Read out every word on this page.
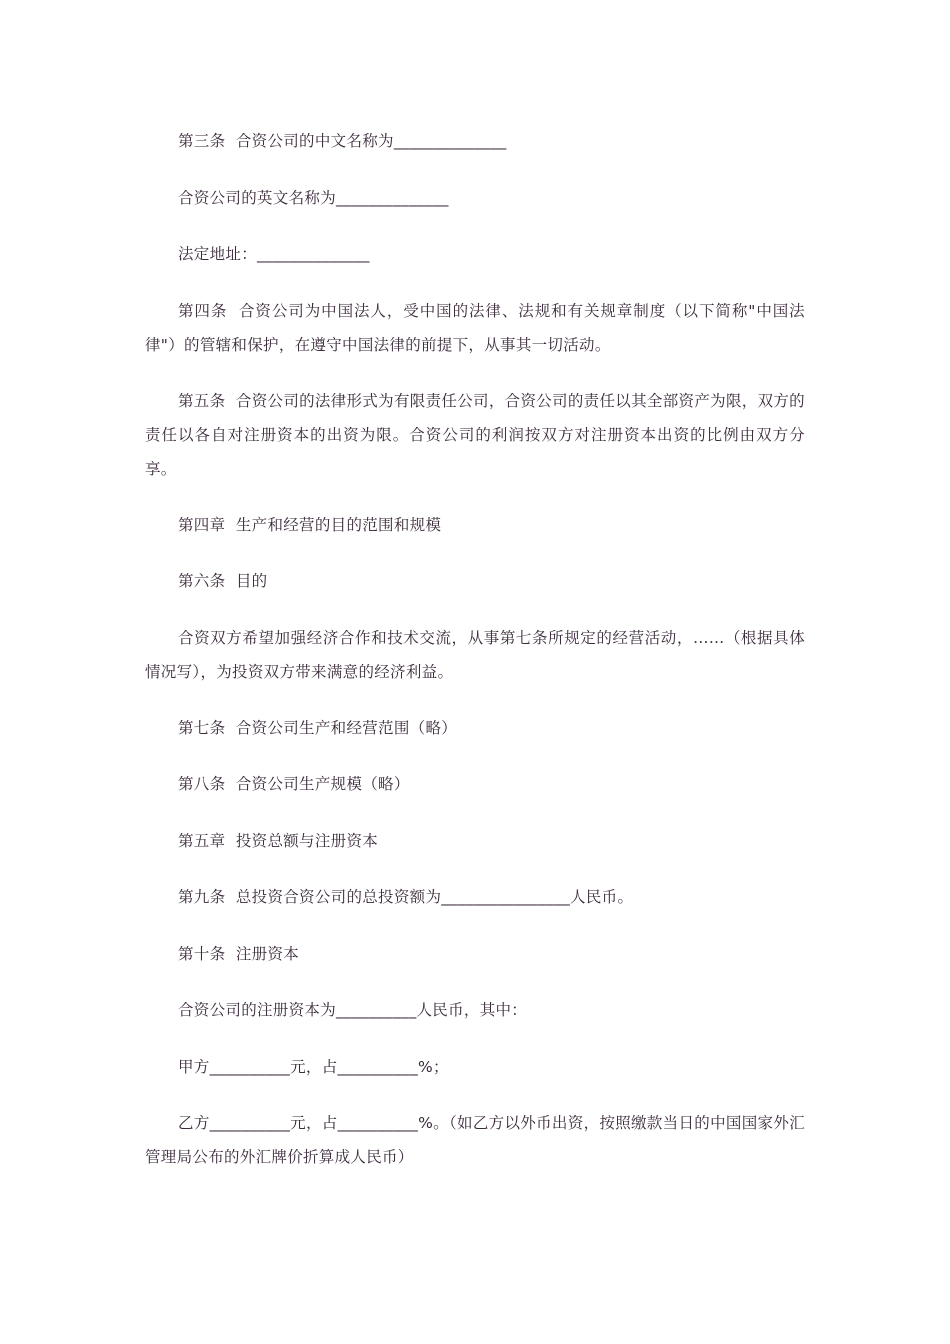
第三条  合资公司的中文名称为______________

合资公司的英文名称为______________

法定地址：______________

第四条  合资公司为中国法人，受中国的法律、法规和有关规章制度（以下简称"中国法律"）的管辖和保护，在遵守中国法律的前提下，从事其一切活动。

第五条  合资公司的法律形式为有限责任公司，合资公司的责任以其全部资产为限，双方的责任以各自对注册资本的出资为限。合资公司的利润按双方对注册资本出资的比例由双方分享。

第四章  生产和经营的目的范围和规模

第六条  目的

合资双方希望加强经济合作和技术交流，从事第七条所规定的经营活动，……（根据具体情况写），为投资双方带来满意的经济利益。

第七条  合资公司生产和经营范围（略）

第八条  合资公司生产规模（略）

第五章  投资总额与注册资本

第九条  总投资合资公司的总投资额为________________人民币。

第十条  注册资本

合资公司的注册资本为__________人民币，其中：

甲方__________元，占__________%；

乙方__________元，占__________%。（如乙方以外币出资，按照缴款当日的中国国家外汇管理局公布的外汇牌价折算成人民币）
